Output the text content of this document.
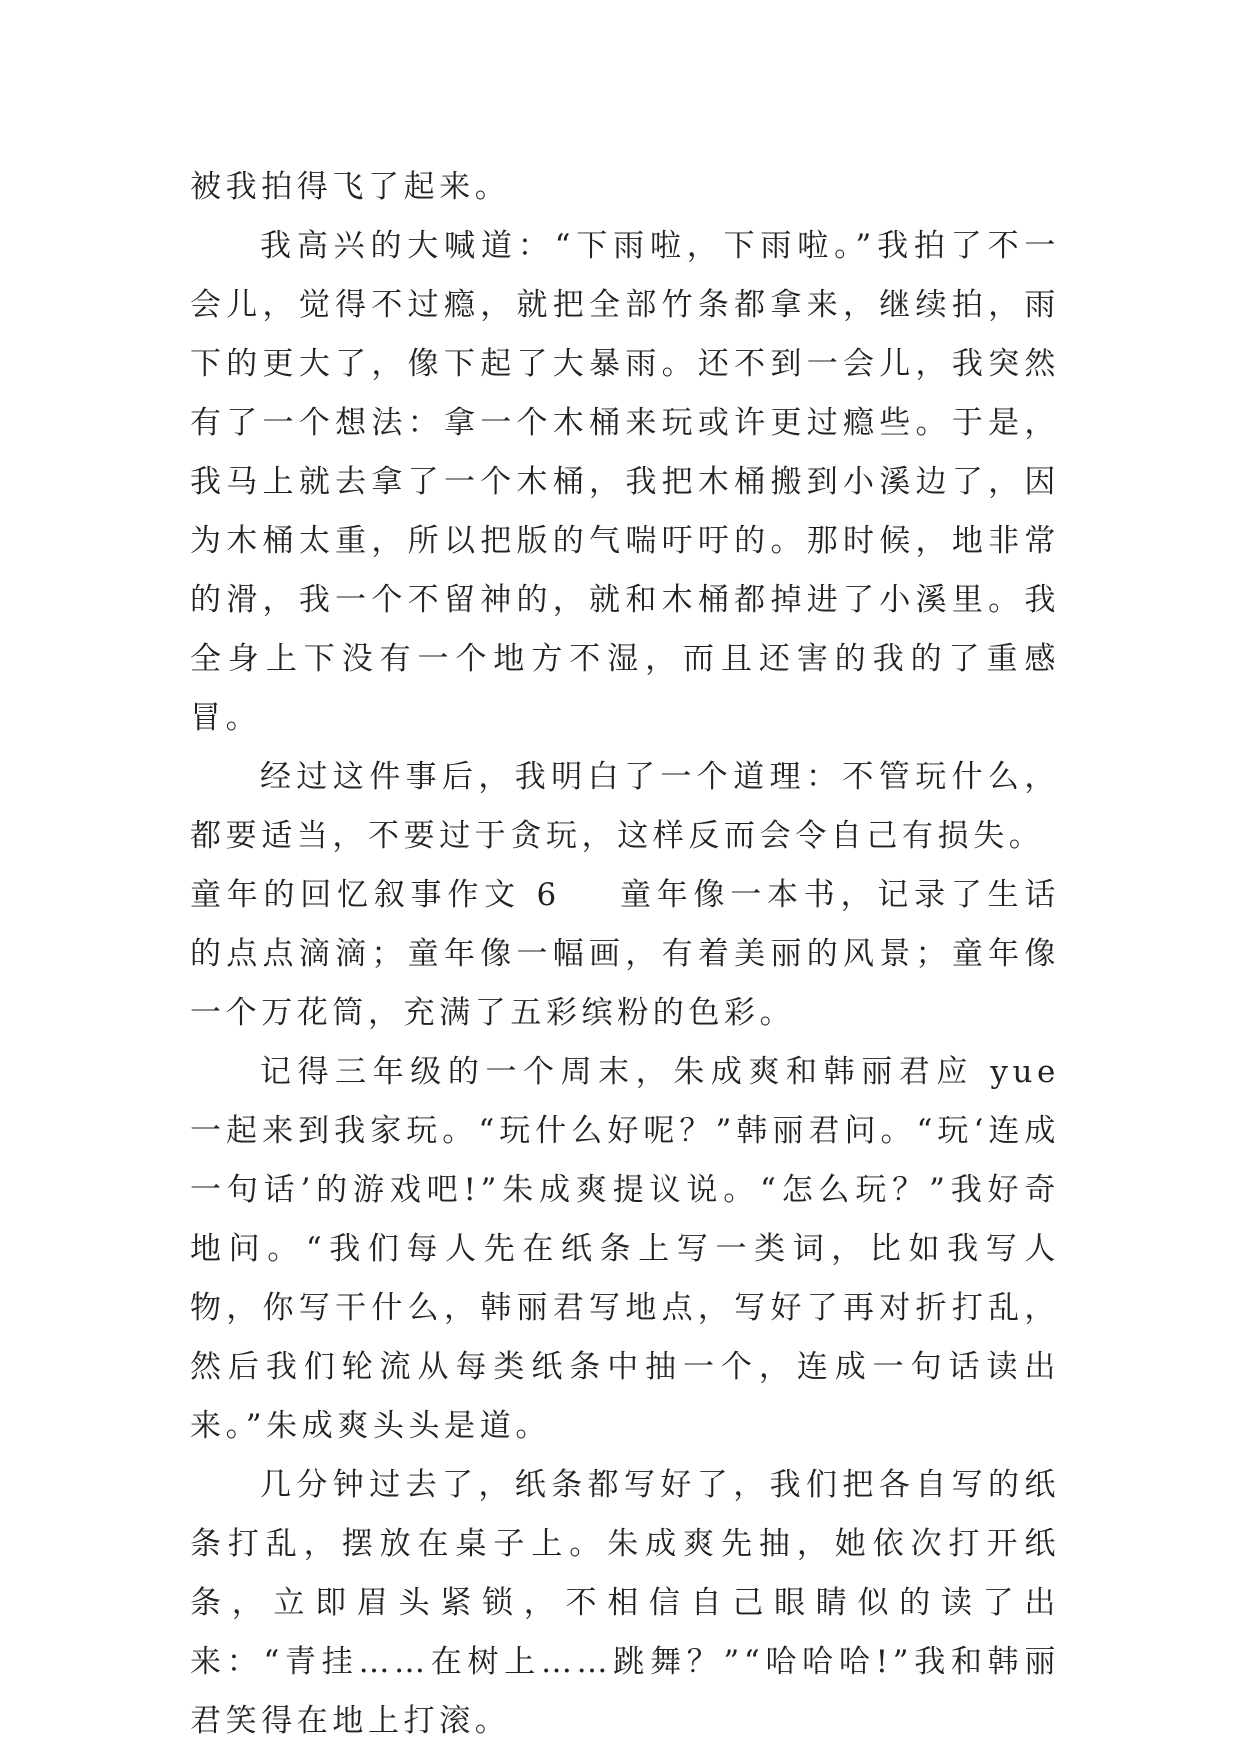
被我拍得飞了起来。

我高兴的大喊道：“下雨啦，下雨啦。”我拍了不一会儿，觉得不过瘾，就把全部竹条都拿来，继续拍，雨下的更大了，像下起了大暴雨。还不到一会儿，我突然有了一个想法：拿一个木桶来玩或许更过瘾些。于是，我马上就去拿了一个木桶，我把木桶搬到小溪边了，因为木桶太重，所以把版的气喘吁吁的。那时候，地非常的滑，我一个不留神的，就和木桶都掉进了小溪里。我全身上下没有一个地方不湿，而且还害的我的了重感冒。

经过这件事后，我明白了一个道理：不管玩什么，都要适当，不要过于贪玩，这样反而会令自己有损失。

童年的回忆叙事作文 6 童年像一本书，记录了生话的点点滴滴；童年像一幅画，有着美丽的风景；童年像一个万花筒，充满了五彩缤粉的色彩。

记得三年级的一个周末，朱成爽和韩丽君应 yue 一起来到我家玩。“玩什么好呢？”韩丽君问。“玩‘连成一句话’的游戏吧!”朱成爽提议说。“怎么玩？”我好奇地问。“我们每人先在纸条上写一类词，比如我写人物，你写干什么，韩丽君写地点，写好了再对折打乱，然后我们轮流从每类纸条中抽一个，连成一句话读出来。”朱成爽头头是道。

几分钟过去了，纸条都写好了，我们把各自写的纸条打乱，摆放在桌子上。朱成爽先抽，她依次打开纸条，立即眉头紧锁，不相信自己眼睛似的读了出来：“青挂……在树上……跳舞？”“哈哈哈!”我和韩丽君笑得在地上打滚。
